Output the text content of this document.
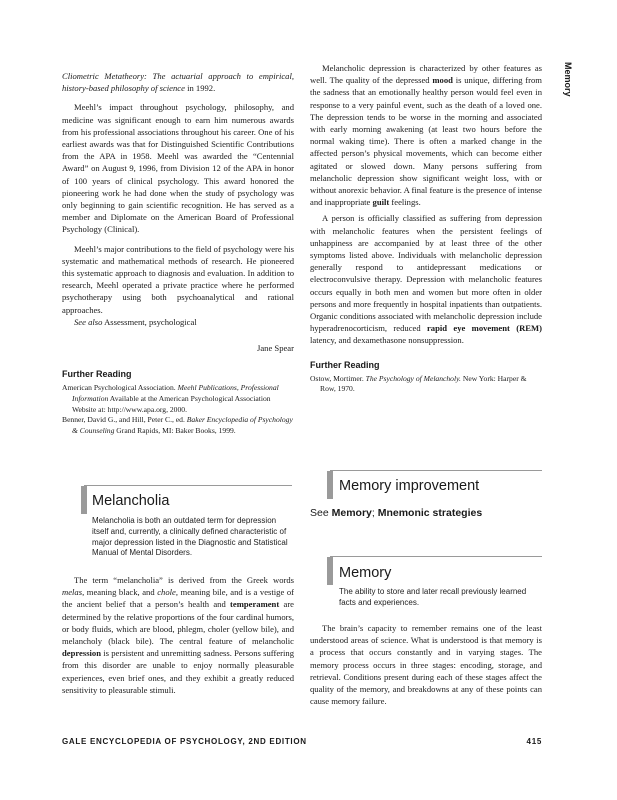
Memory

Cliometric Metatheory: The actuarial approach to empirical, history-based philosophy of science in 1992.

Meehl’s impact throughout psychology, philosophy, and medicine was significant enough to earn him numerous awards from his professional associations throughout his career. One of his earliest awards was that for Distinguished Scientific Contributions from the APA in 1958. Meehl was awarded the “Centennial Award” on August 9, 1996, from Division 12 of the APA in honor of 100 years of clinical psychology. This award honored the pioneering work he had done when the study of psychology was only beginning to gain scientific recognition. He has served as a member and Diplomate on the American Board of Professional Psychology (Clinical).

Meehl’s major contributions to the field of psychology were his systematic and mathematical methods of research. He pioneered this systematic approach to diagnosis and evaluation. In addition to research, Meehl operated a private practice where he performed psychotherapy using both psychoanalytical and rational approaches.

See also Assessment, psychological

Jane Spear

Further Reading

American Psychological Association. Meehl Publications, Professional Information Available at the American Psychological Association Website at: http://www.apa.org, 2000.

Benner, David G., and Hill, Peter C., ed. Baker Encyclopedia of Psychology & Counseling Grand Rapids, MI: Baker Books, 1999.

Melancholia
Melancholia is both an outdated term for depression itself and, currently, a clinically defined characteristic of major depression listed in the Diagnostic and Statistical Manual of Mental Disorders.

The term “melancholia” is derived from the Greek words melas, meaning black, and chole, meaning bile, and is a vestige of the ancient belief that a person’s health and temperament are determined by the relative proportions of the four cardinal humors, or body fluids, which are blood, phlegm, choler (yellow bile), and melancholy (black bile). The central feature of melancholic depression is persistent and unremitting sadness. Persons suffering from this disorder are unable to enjoy normally pleasurable experiences, even brief ones, and they exhibit a greatly reduced sensitivity to pleasurable stimuli.

Melancholic depression is characterized by other features as well. The quality of the depressed mood is unique, differing from the sadness that an emotionally healthy person would feel even in response to a very painful event, such as the death of a loved one. The depression tends to be worse in the morning and associated with early morning awakening (at least two hours before the normal waking time). There is often a marked change in the affected person’s physical movements, which can become either agitated or slowed down. Many persons suffering from melancholic depression show significant weight loss, with or without anorexic behavior. A final feature is the presence of intense and inappropriate guilt feelings.

A person is officially classified as suffering from depression with melancholic features when the persistent feelings of unhappiness are accompanied by at least three of the other symptoms listed above. Individuals with melancholic depression generally respond to antidepressant medications or electroconvulsive therapy. Depression with melancholic features occurs equally in both men and women but more often in older persons and more frequently in hospital inpatients than outpatients. Organic conditions associated with melancholic depression include hyperadrenocorticism, reduced rapid eye movement (REM) latency, and dexamethasone nonsuppression.

Further Reading

Ostow, Mortimer. The Psychology of Melancholy. New York: Harper & Row, 1970.

Memory improvement
See Memory; Mnemonic strategies
Memory
The ability to store and later recall previously learned facts and experiences.

The brain’s capacity to remember remains one of the least understood areas of science. What is understood is that memory is a process that occurs constantly and in varying stages. The memory process occurs in three stages: encoding, storage, and retrieval. Conditions present during each of these stages affect the quality of the memory, and breakdowns at any of these points can cause memory failure.

GALE ENCYCLOPEDIA OF PSYCHOLOGY, 2ND EDITION	415
